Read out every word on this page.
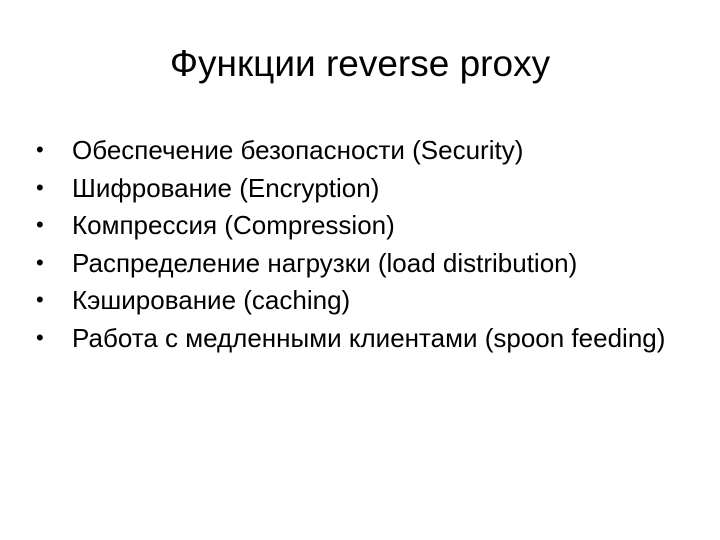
Функции reverse proxy
•	Обеспечение безопасности (Security)
•	Шифрование (Encryption)
•	Компрессия (Compression)
•	Распределение нагрузки (load distribution)
•	Кэширование (caching)
•	Работа с медленными клиентами (spoon feeding)
